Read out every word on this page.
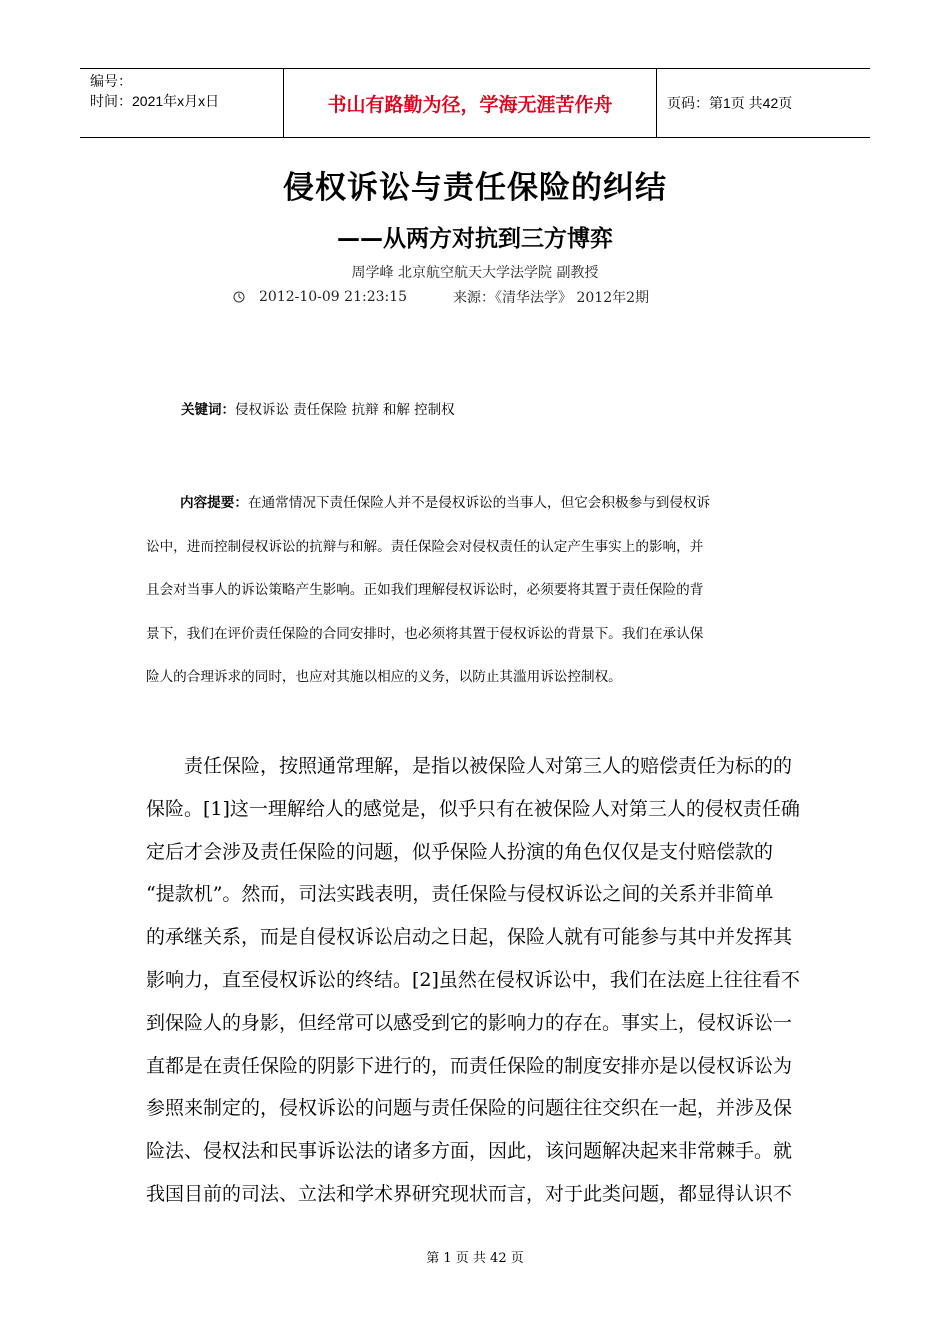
编号：
时间：2021年x月x日	书山有路勤为径，学海无涯苦作舟	页码：第1页 共42页
侵权诉讼与责任保险的纠结
——从两方对抗到三方博弈
周学峰 北京航空航天大学法学院 副教授
2012-10-09 21:23:15	来源：《清华法学》 2012年2期
关键词：侵权诉讼 责任保险 抗辩 和解 控制权

内容提要：在通常情况下责任保险人并不是侵权诉讼的当事人，但它会积极参与到侵权诉

讼中，进而控制侵权诉讼的抗辩与和解。责任保险会对侵权责任的认定产生事实上的影响，并

且会对当事人的诉讼策略产生影响。正如我们理解侵权诉讼时，必须要将其置于责任保险的背

景下，我们在评价责任保险的合同安排时，也必须将其置于侵权诉讼的背景下。我们在承认保

险人的合理诉求的同时，也应对其施以相应的义务，以防止其滥用诉讼控制权。

责任保险，按照通常理解，是指以被保险人对第三人的赔偿责任为标的的

保险。[1]这一理解给人的感觉是，似乎只有在被保险人对第三人的侵权责任确

定后才会涉及责任保险的问题，似乎保险人扮演的角色仅仅是支付赔偿款的

“提款机”。然而，司法实践表明，责任保险与侵权诉讼之间的关系并非简单

的承继关系，而是自侵权诉讼启动之日起，保险人就有可能参与其中并发挥其

影响力，直至侵权诉讼的终结。[2]虽然在侵权诉讼中，我们在法庭上往往看不

到保险人的身影，但经常可以感受到它的影响力的存在。事实上，侵权诉讼一

直都是在责任保险的阴影下进行的，而责任保险的制度安排亦是以侵权诉讼为

参照来制定的，侵权诉讼的问题与责任保险的问题往往交织在一起，并涉及保

险法、侵权法和民事诉讼法的诸多方面，因此，该问题解决起来非常棘手。就

我国目前的司法、立法和学术界研究现状而言，对于此类问题，都显得认识不

第 1 页 共 42 页
